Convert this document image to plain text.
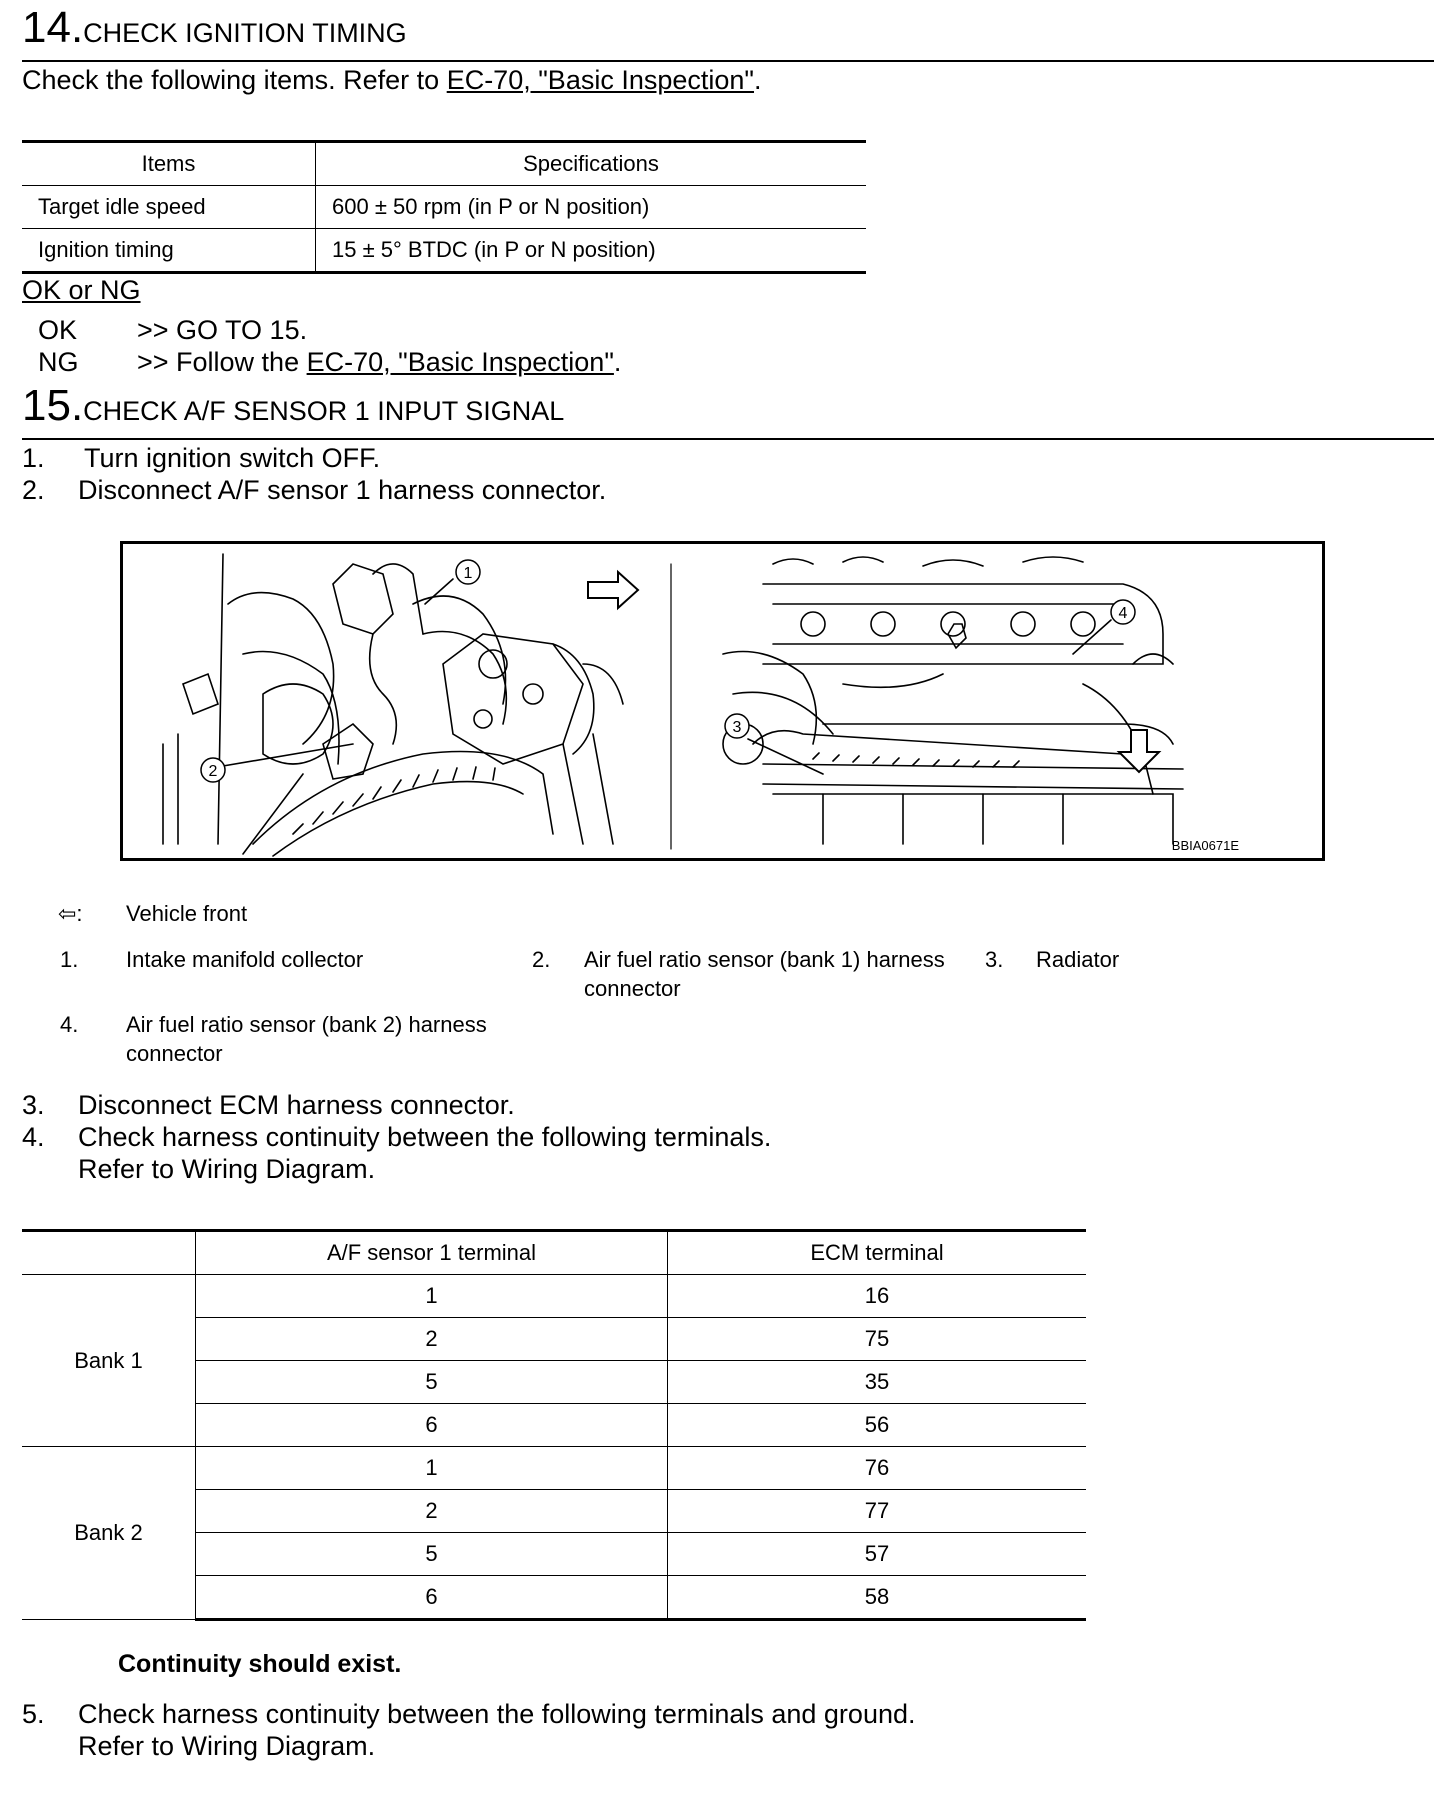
14.CHECK IGNITION TIMING
Check the following items. Refer to EC-70, "Basic Inspection".
Items	Specifications
Target idle speed	600 ± 50 rpm (in P or N position)
Ignition timing	15 ± 5° BTDC (in P or N position)
OK or NG
OK >> GO TO 15.
NG >> Follow the EC-70, "Basic Inspection".
15.CHECK A/F SENSOR 1 INPUT SIGNAL
1. Turn ignition switch OFF.
2. Disconnect A/F sensor 1 harness connector.
1
2
3
4
BBIA0671E
⇦: Vehicle front
1. Intake manifold collector	2. Air fuel ratio sensor (bank 1) harness connector
3. Radiator
4. Air fuel ratio sensor (bank 2) harness connector
3. Disconnect ECM harness connector.
4. Check harness continuity between the following terminals.
Refer to Wiring Diagram.
	A/F sensor 1 terminal	ECM terminal
Bank 1	1	16
	2	75
	5	35
	6	56
Bank 2	1	76
	2	77
	5	57
	6	58
Continuity should exist.
5. Check harness continuity between the following terminals and ground.
Refer to Wiring Diagram.
